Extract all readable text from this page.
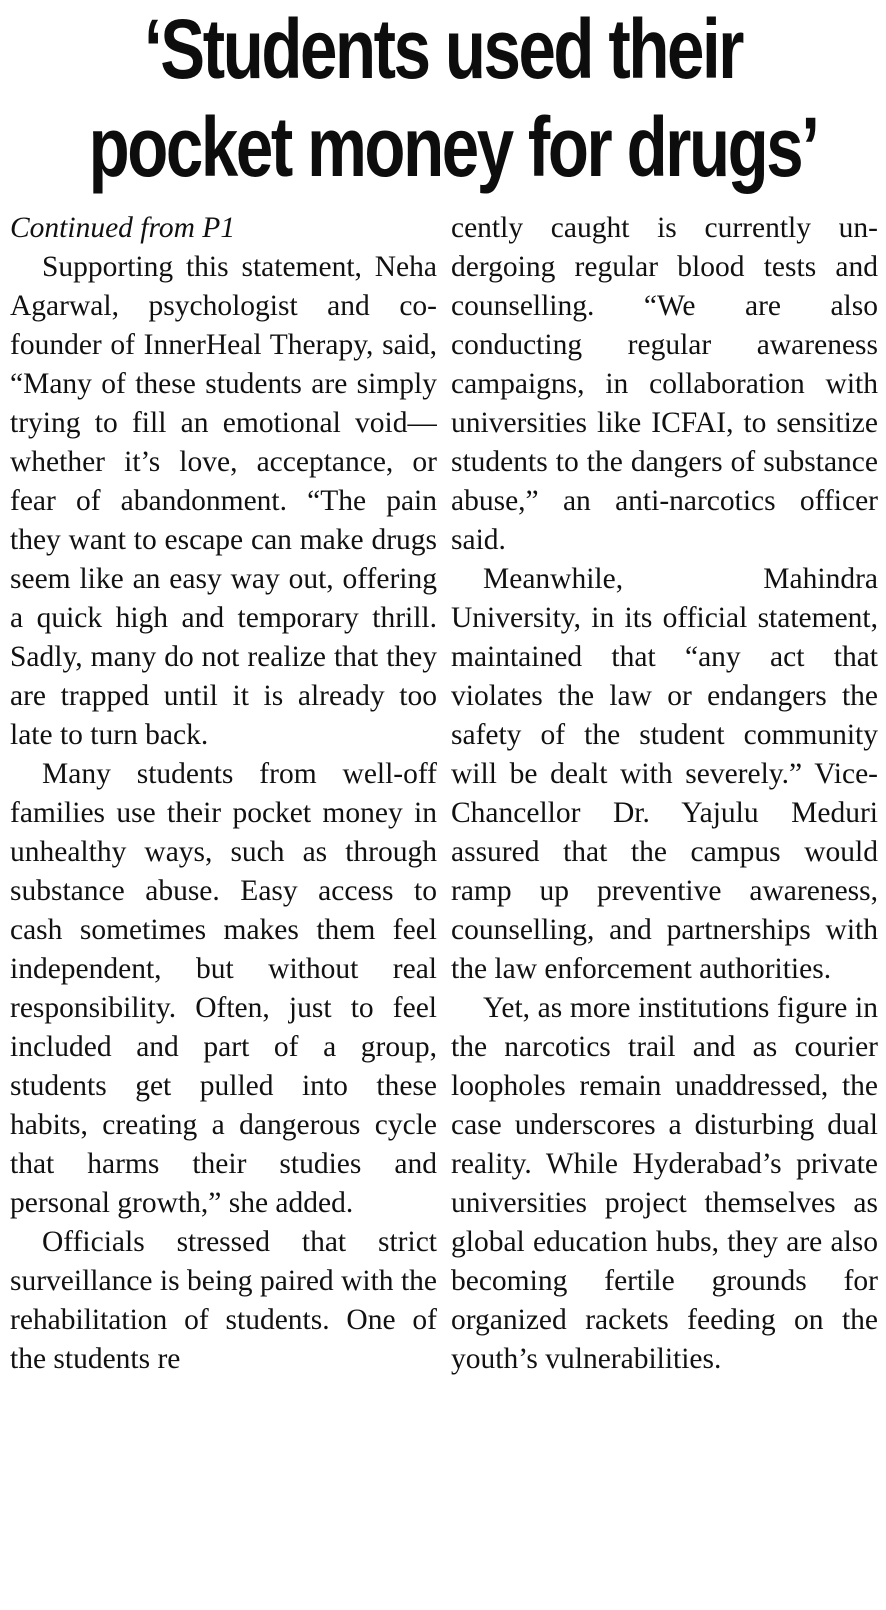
‘Students used their
pocket money for drugs’

Continued from P1

Supporting this statement, Neha Agarwal, psychologist and co-founder of InnerHeal Therapy, said, “Many of these students are simply trying to fill an emotional void—whether it’s love, acceptance, or fear of abandonment. “The pain they want to escape can make drugs seem like an easy way out, offering a quick high and temporary thrill. Sadly, many do not realize that they are trapped until it is already too late to turn back.

Many students from well-off families use their pocket money in unhealthy ways, such as through substance abuse. Easy access to cash sometimes makes them feel independent, but without real responsibility. Often, just to feel included and part of a group, students get pulled into these habits, creating a dangerous cycle that harms their studies and personal growth,” she added.

Officials stressed that strict surveillance is being paired with the rehabilitation of students. One of the students re

cently caught is currently undergoing regular blood tests and counselling. “We are also conducting regular awareness campaigns, in collaboration with universities like ICFAI, to sensitize students to the dangers of substance abuse,” an anti-narcotics officer said.

Meanwhile, Mahindra University, in its official statement, maintained that “any act that violates the law or endangers the safety of the student community will be dealt with severely.” Vice-Chancellor Dr. Yajulu Meduri assured that the campus would ramp up preventive awareness, counselling, and partnerships with the law enforcement authorities.

Yet, as more institutions figure in the narcotics trail and as courier loopholes remain unaddressed, the case underscores a disturbing dual reality. While Hyderabad’s private universities project themselves as global education hubs, they are also becoming fertile grounds for organized rackets feeding on the youth’s vulnerabilities.
